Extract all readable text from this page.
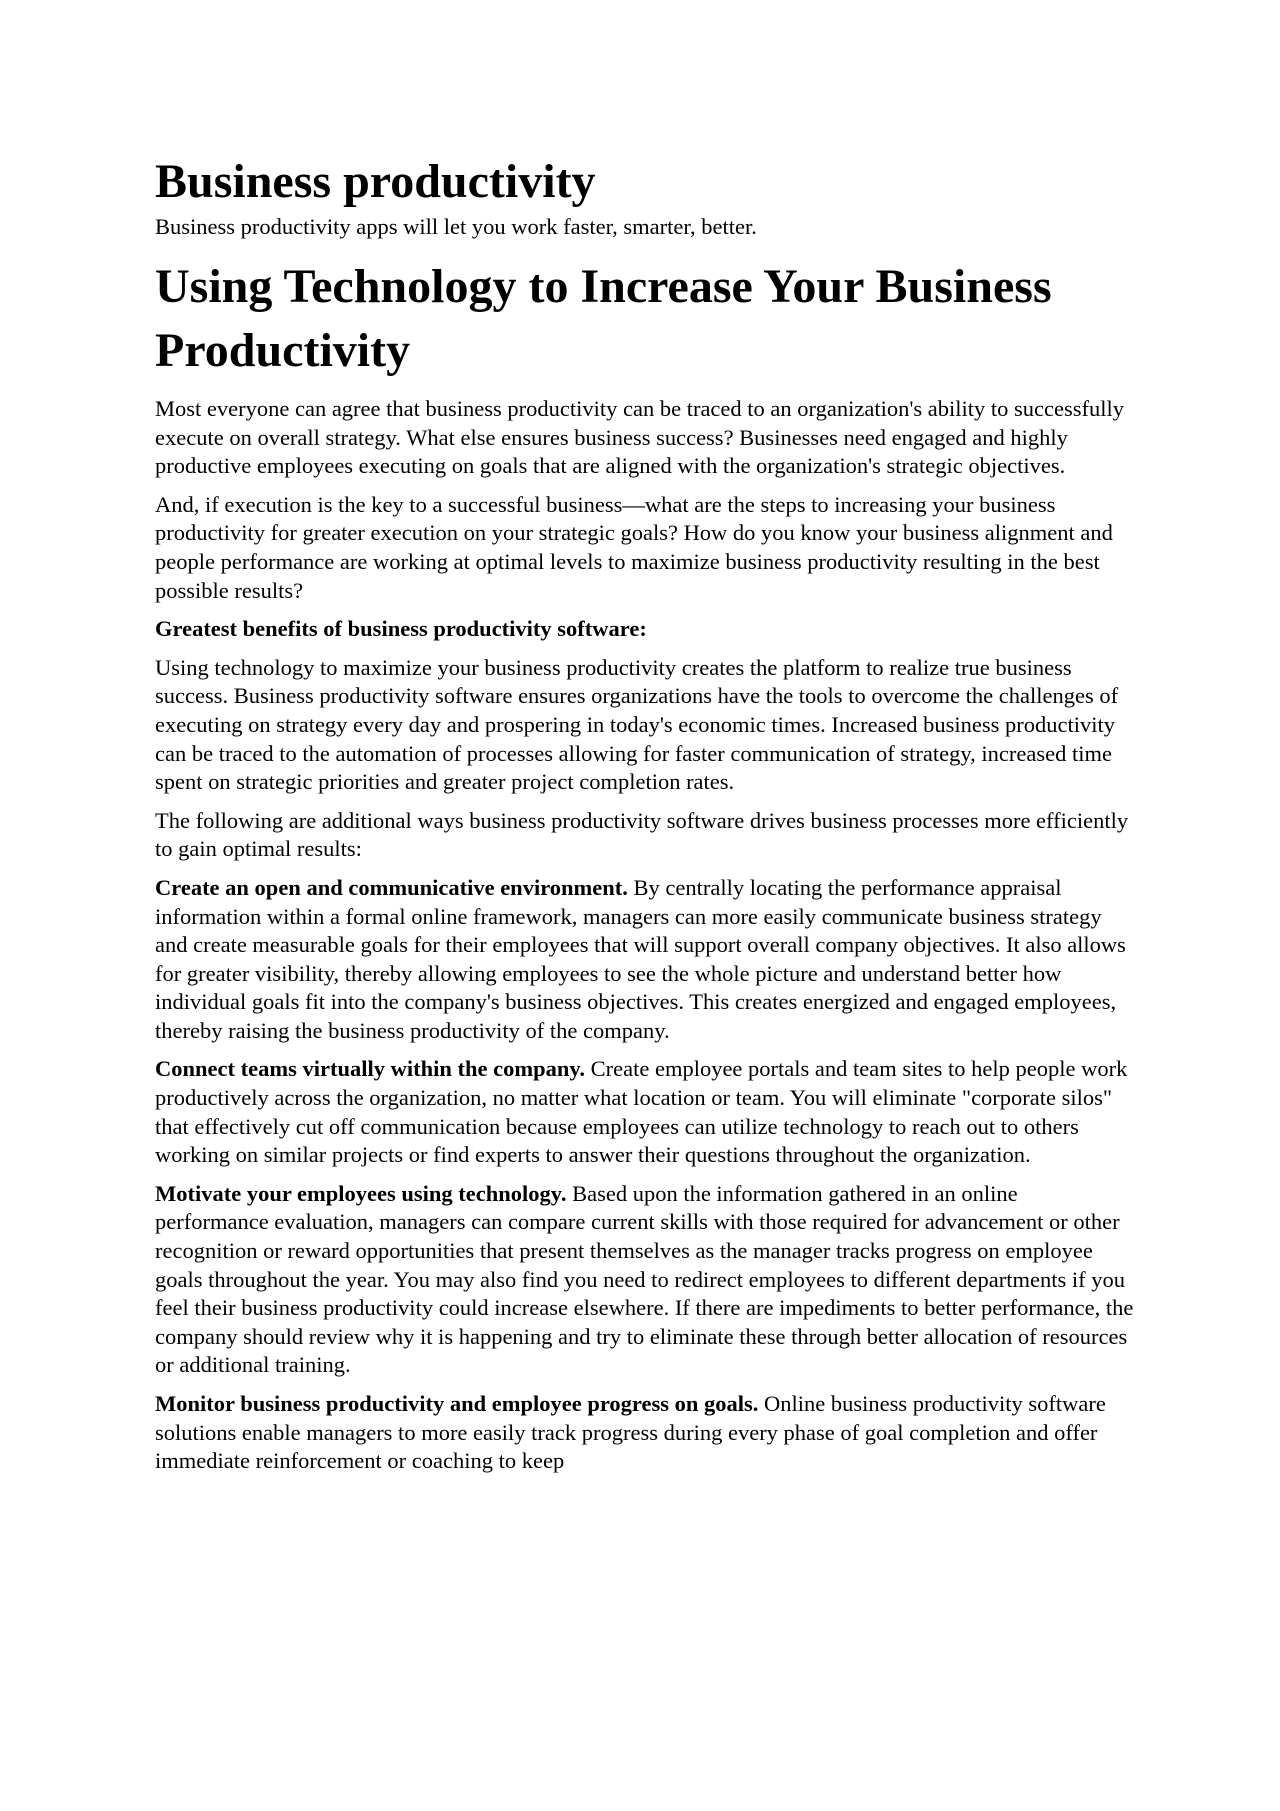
Business productivity

Business productivity apps will let you work faster, smarter, better.

Using Technology to Increase Your Business Productivity

Most everyone can agree that business productivity can be traced to an organization's ability to successfully execute on overall strategy. What else ensures business success? Businesses need engaged and highly productive employees executing on goals that are aligned with the organization's strategic objectives.

And, if execution is the key to a successful business—what are the steps to increasing your business productivity for greater execution on your strategic goals? How do you know your business alignment and people performance are working at optimal levels to maximize business productivity resulting in the best possible results?

Greatest benefits of business productivity software:

Using technology to maximize your business productivity creates the platform to realize true business success. Business productivity software ensures organizations have the tools to overcome the challenges of executing on strategy every day and prospering in today's economic times. Increased business productivity can be traced to the automation of processes allowing for faster communication of strategy, increased time spent on strategic priorities and greater project completion rates.

The following are additional ways business productivity software drives business processes more efficiently to gain optimal results:

Create an open and communicative environment. By centrally locating the performance appraisal information within a formal online framework, managers can more easily communicate business strategy and create measurable goals for their employees that will support overall company objectives. It also allows for greater visibility, thereby allowing employees to see the whole picture and understand better how individual goals fit into the company's business objectives. This creates energized and engaged employees, thereby raising the business productivity of the company.

Connect teams virtually within the company. Create employee portals and team sites to help people work productively across the organization, no matter what location or team. You will eliminate "corporate silos" that effectively cut off communication because employees can utilize technology to reach out to others working on similar projects or find experts to answer their questions throughout the organization.

Motivate your employees using technology. Based upon the information gathered in an online performance evaluation, managers can compare current skills with those required for advancement or other recognition or reward opportunities that present themselves as the manager tracks progress on employee goals throughout the year. You may also find you need to redirect employees to different departments if you feel their business productivity could increase elsewhere. If there are impediments to better performance, the company should review why it is happening and try to eliminate these through better allocation of resources or additional training.

Monitor business productivity and employee progress on goals. Online business productivity software solutions enable managers to more easily track progress during every phase of goal completion and offer immediate reinforcement or coaching to keep
